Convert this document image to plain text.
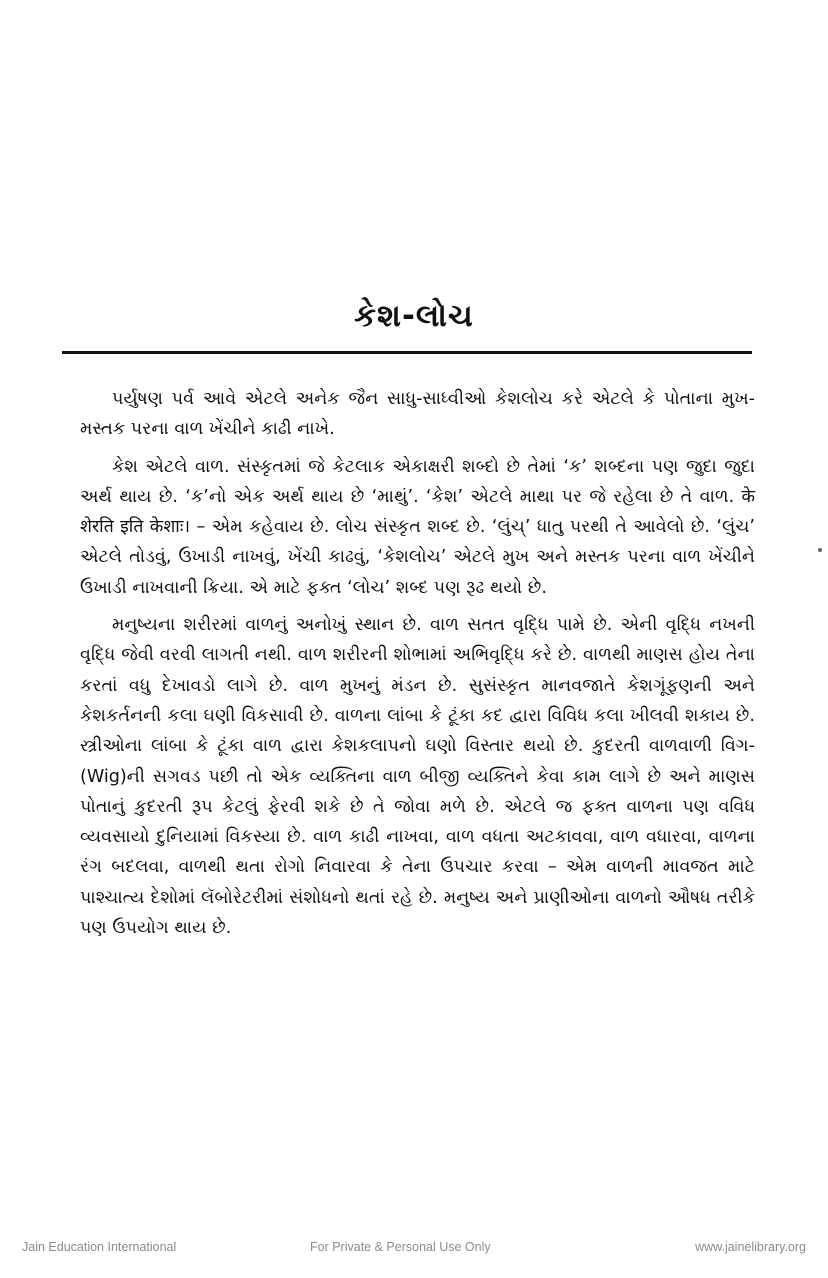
કેશ-લોચ

પર્યુષણ પર્વ આવે એટલે અનેક જૈન સાધુ-સાધ્વીઓ કેશલોચ કરે એટલે કે પોતાના મુખ-મસ્તક પરના વાળ ખેંચીને કાઢી નાખે.

કેશ એટલે વાળ. સંસ્કૃતમાં જે કેટલાક એકાક્ષરી શબ્દો છે તેમાં ‘ક’ શબ્દના પણ જુદા જુદા અર્થ થાય છે. ‘ક’નો એક અર્થ થાય છે ‘માથું’. ‘કેશ’ એટલે માથા પર જે રહેલા છે તે વાળ. के शेरति इति केशाः। – એમ કહેવાય છે. લોચ સંસ્કૃત શબ્દ છે. ‘લુંચ્’ ધાતુ પરથી તે આવેલો છે. ‘લુંચ’ એટલે તોડવું, ઉખાડી નાખવું, ખેંચી કાઢવું, ‘કેશલોચ’ એટલે મુખ અને મસ્તક પરના વાળ ખેંચીને ઉખાડી નાખવાની ક્રિયા. એ માટે ફક્ત ‘લોચ’ શબ્દ પણ રૂઢ થયો છે.

મનુષ્યના શરીરમાં વાળનું અનોખું સ્થાન છે. વાળ સતત વૃદ્ધિ પામે છે. એની વૃદ્ધિ નખની વૃદ્ધિ જેવી વરવી લાગતી નથી. વાળ શરીરની શોભામાં અભિવૃદ્ધિ કરે છે. વાળથી માણસ હોય તેના કરતાં વધુ દેખાવડો લાગે છે. વાળ મુખનું મંડન છે. સુસંસ્કૃત માનવજાતે કેશગૂંફણની અને કેશકર્તનની કલા ઘણી વિકસાવી છે. વાળના લાંબા કે ટૂંકા કદ દ્વારા વિવિધ કલા ખીલવી શકાય છે. સ્ત્રીઓના લાંબા કે ટૂંકા વાળ દ્વારા કેશકલાપનો ઘણો વિસ્તાર થયો છે. કુદરતી વાળવાળી વિગ-(Wig)ની સગવડ પછી તો એક વ્યક્તિના વાળ બીજી વ્યક્તિને કેવા કામ લાગે છે અને માણસ પોતાનું કુદરતી રૂપ કેટલું ફેરવી શકે છે તે જોવા મળે છે. એટલે જ ફક્ત વાળના પણ વવિધ વ્યવસાયો દુનિયામાં વિકસ્યા છે. વાળ કાઢી નાખવા, વાળ વધતા અટકાવવા, વાળ વધારવા, વાળના રંગ બદલવા, વાળથી થતા રોગો નિવારવા કે તેના ઉપચાર કરવા – એમ વાળની માવજત માટે પાશ્ચાત્ય દેશોમાં લૅબોરેટરીમાં સંશોધનો થતાં રહે છે. મનુષ્ય અને પ્રાણીઓના વાળનો ઔષધ તરીકે પણ ઉપયોગ થાય છે.

Jain Education International	For Private & Personal Use Only	www.jainelibrary.org
